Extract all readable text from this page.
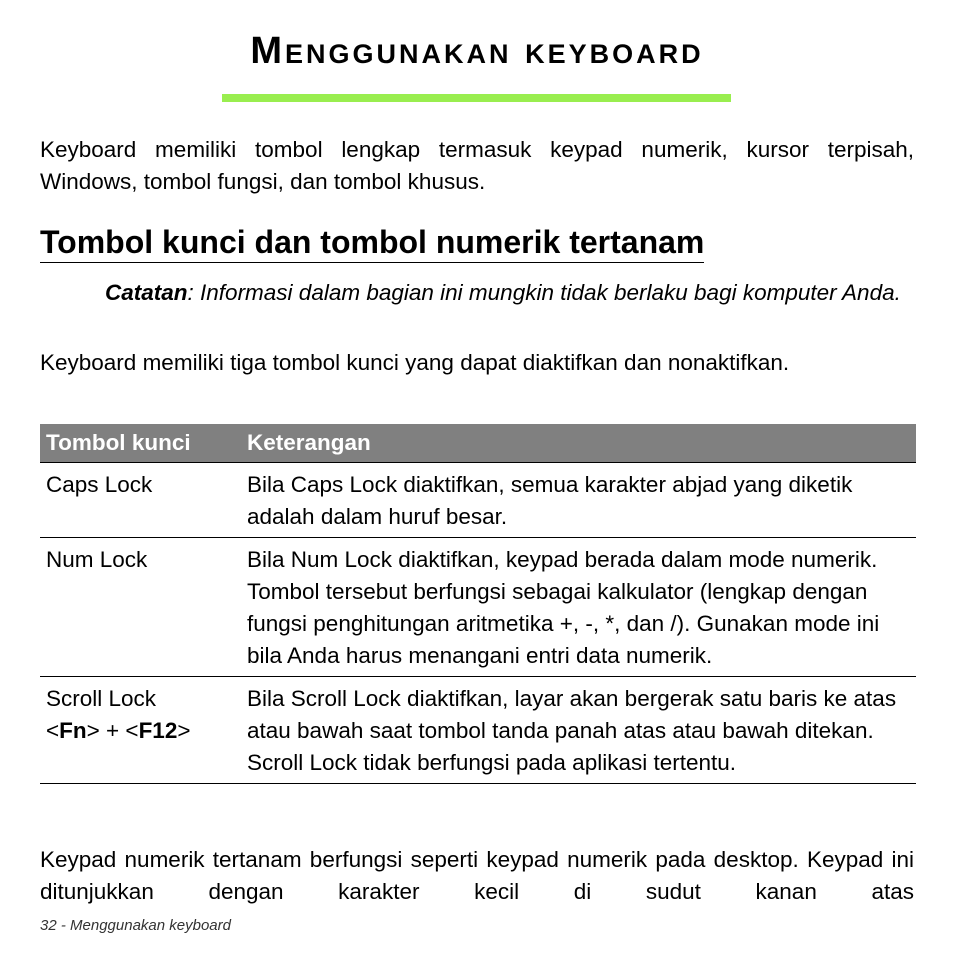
Menggunakan keyboard

Keyboard memiliki tombol lengkap termasuk keypad numerik, kursor terpisah, Windows, tombol fungsi, dan tombol khusus.

Tombol kunci dan tombol numerik tertanam

Catatan: Informasi dalam bagian ini mungkin tidak berlaku bagi komputer Anda.

Keyboard memiliki tiga tombol kunci yang dapat diaktifkan dan nonaktifkan.

Tombol kunci	Keterangan
Caps Lock	Bila Caps Lock diaktifkan, semua karakter abjad yang diketik adalah dalam huruf besar.
Num Lock	Bila Num Lock diaktifkan, keypad berada dalam mode numerik. Tombol tersebut berfungsi sebagai kalkulator (lengkap dengan fungsi penghitungan aritmetika +, -, *, dan /). Gunakan mode ini bila Anda harus menangani entri data numerik.

Scroll Lock
<Fn> + <F12>	Bila Scroll Lock diaktifkan, layar akan bergerak satu baris ke atas atau bawah saat tombol tanda panah atas atau bawah ditekan. Scroll Lock tidak berfungsi pada aplikasi tertentu.

Keypad numerik tertanam berfungsi seperti keypad numerik pada desktop. Keypad ini ditunjukkan dengan karakter kecil di sudut kanan atas

32 - Menggunakan keyboard
